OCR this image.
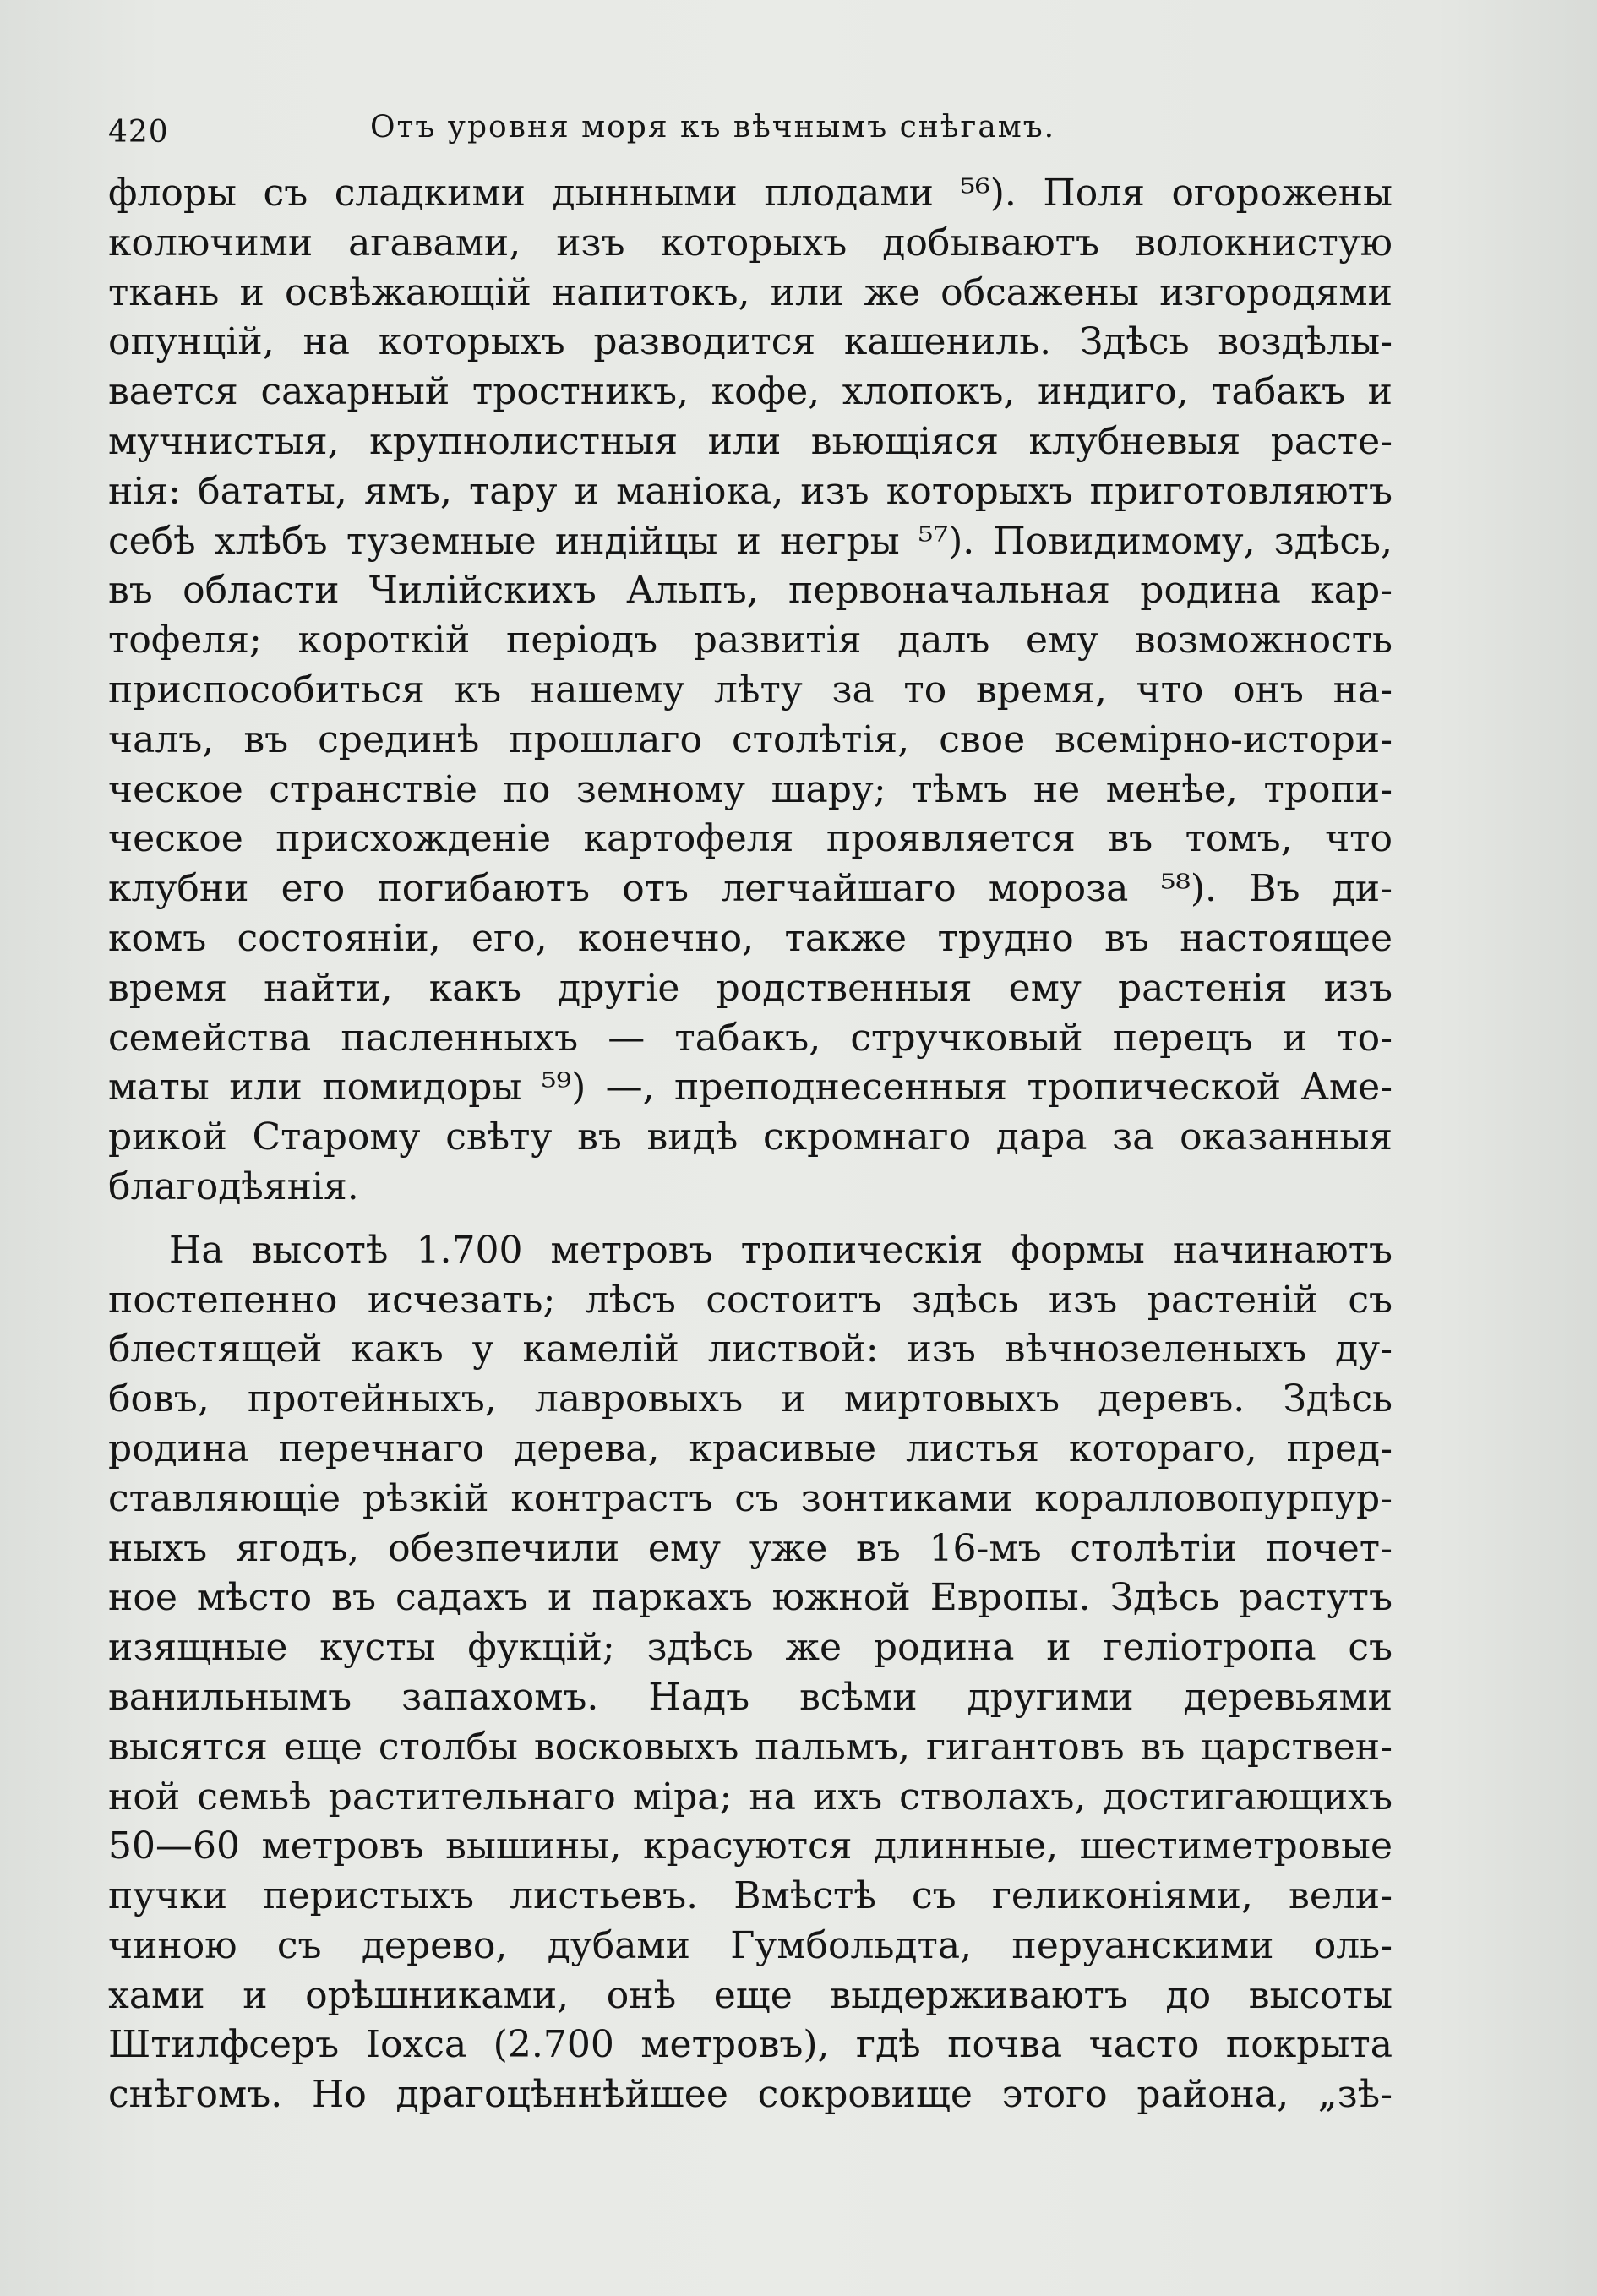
420	Отъ уровня моря къ вѣчнымъ снѣгамъ.
флоры съ сладкими дынными плодами ⁵⁶). Поля огорожены
колючими агавами, изъ которыхъ добываютъ волокнистую
ткань и освѣжающій напитокъ, или же обсажены изгородями
опунцій, на которыхъ разводится кашениль. Здѣсь воздѣлы-
вается сахарный тростникъ, кофе, хлопокъ, индиго, табакъ и
мучнистыя, крупнолистныя или вьющіяся клубневыя расте-
нія: бататы, ямъ, тару и маніока, изъ которыхъ приготовляютъ
себѣ хлѣбъ туземные индійцы и негры ⁵⁷). Повидимому, здѣсь,
въ области Чилійскихъ Альпъ, первоначальная родина кар-
тофеля; короткій періодъ развитія далъ ему возможность
приспособиться къ нашему лѣту за то время, что онъ на-
чалъ, въ срединѣ прошлаго столѣтія, свое всемірно-истори-
ческое странствіе по земному шару; тѣмъ не менѣе, тропи-
ческое присхожденіе картофеля проявляется въ томъ, что
клубни его погибаютъ отъ легчайшаго мороза ⁵⁸). Въ ди-
комъ состояніи, его, конечно, также трудно въ настоящее
время найти, какъ другіе родственныя ему растенія изъ
семейства пасленныхъ — табакъ, стручковый перецъ и то-
маты или помидоры ⁵⁹) —, преподнесенныя тропической Аме-
рикой Старому свѣту въ видѣ скромнаго дара за оказанныя
благодѣянія.
На высотѣ 1.700 метровъ тропическія формы начинаютъ
постепенно исчезать; лѣсъ состоитъ здѣсь изъ растеній съ
блестящей какъ у камелій листвой: изъ вѣчнозеленыхъ ду-
бовъ, протейныхъ, лавровыхъ и миртовыхъ деревъ. Здѣсь
родина перечнаго дерева, красивые листья котораго, пред-
ставляющіе рѣзкій контрастъ съ зонтиками коралловопурпур-
ныхъ ягодъ, обезпечили ему уже въ 16-мъ столѣтіи почет-
ное мѣсто въ садахъ и паркахъ южной Европы. Здѣсь растутъ
изящные кусты фукцій; здѣсь же родина и геліотропа съ
ванильнымъ запахомъ. Надъ всѣми другими деревьями
высятся еще столбы восковыхъ пальмъ, гигантовъ въ царствен-
ной семьѣ растительнаго міра; на ихъ стволахъ, достигающихъ
50—60 метровъ вышины, красуются длинные, шестиметровые
пучки перистыхъ листьевъ. Вмѣстѣ съ геликоніями, вели-
чиною съ дерево, дубами Гумбольдта, перуанскими оль-
хами и орѣшниками, онѣ еще выдерживаютъ до высоты
Штилфсеръ Іохса (2.700 метровъ), гдѣ почва часто покрыта
снѣгомъ. Но драгоцѣннѣйшее сокровище этого района, „зѣ-
